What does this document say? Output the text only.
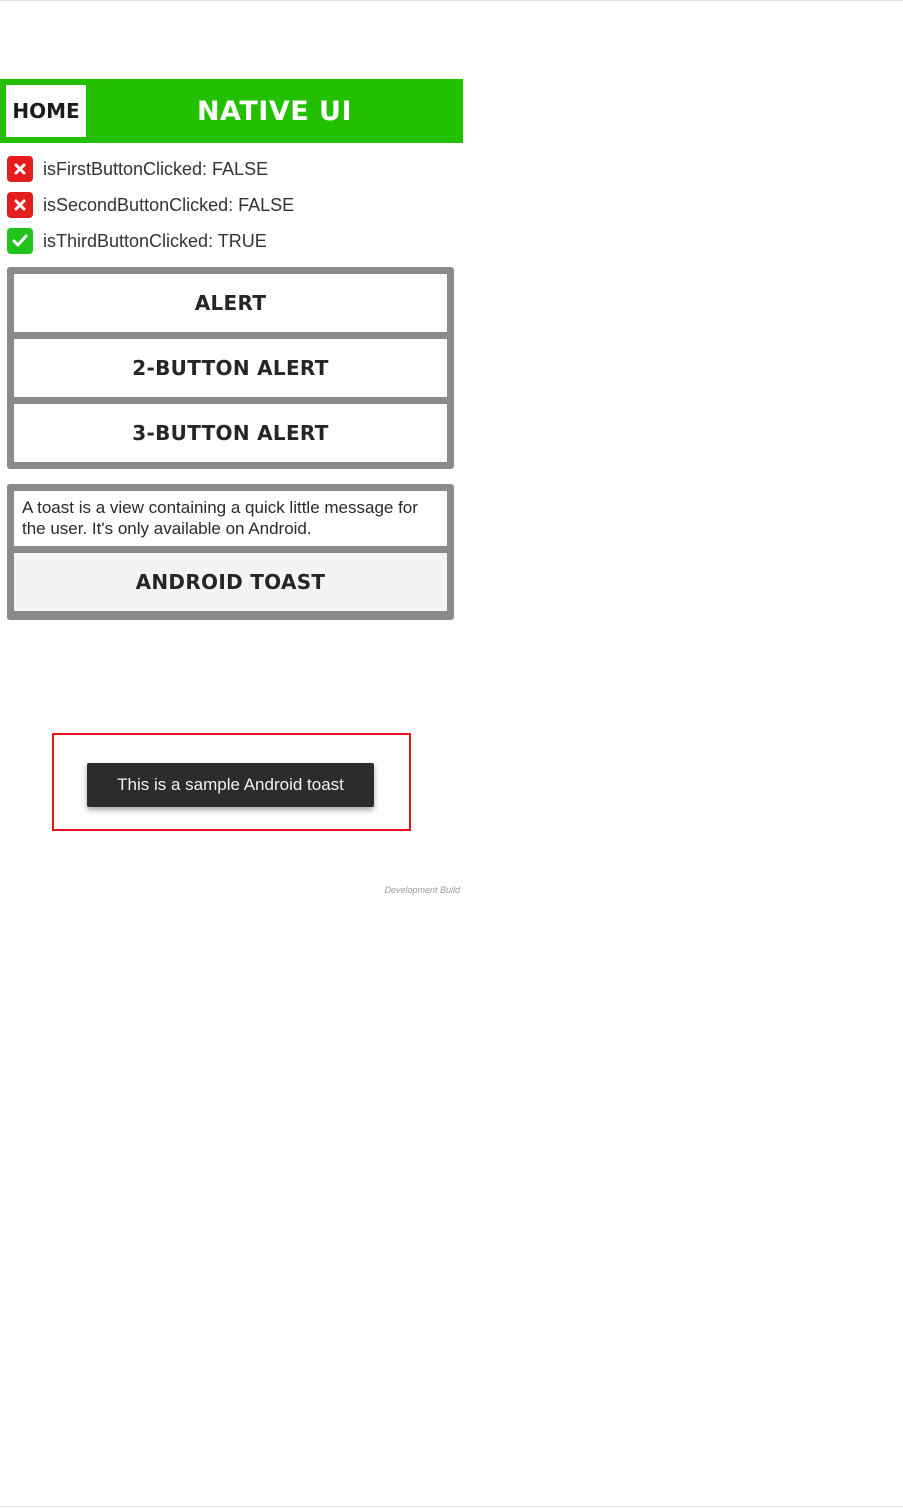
HOME	NATIVE UI
isFirstButtonClicked: FALSE
isSecondButtonClicked: FALSE
isThirdButtonClicked: TRUE
ALERT
2-BUTTON ALERT
3-BUTTON ALERT
A toast is a view containing a quick little message for the user. It's only available on Android.
ANDROID TOAST
This is a sample Android toast
Development Build
